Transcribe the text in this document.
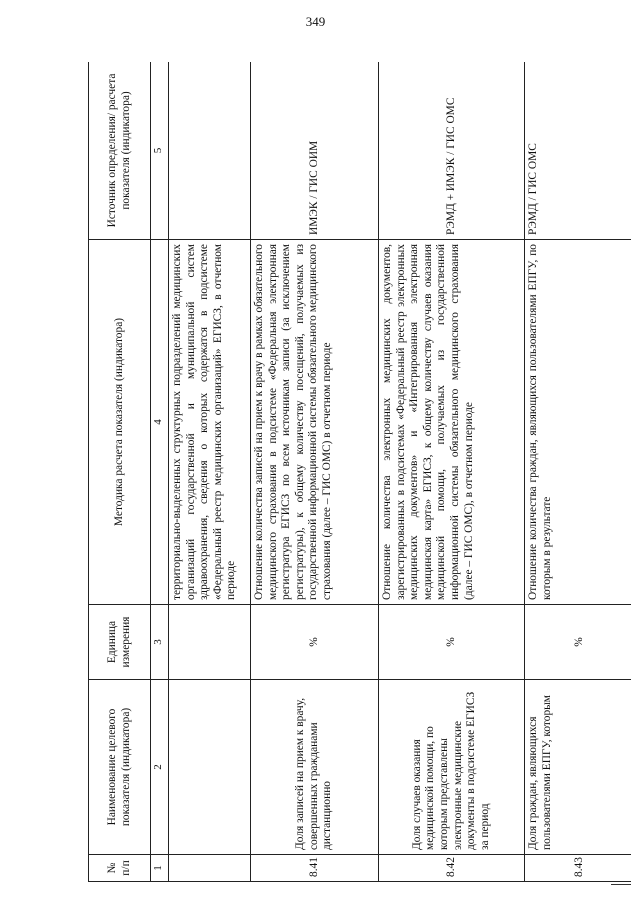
349
№ п/п	Наименование целевого показателя (индикатора)	Единица измерения	Методика расчета показателя (индикатора)	Источник определения/ расчета показателя (индикатора)
1	2	3	4	5
			территориально-выделенных структурных подразделений медицинских организаций государственной и муниципальной систем здравоохранения, сведения о которых содержатся в подсистеме «Федеральный реестр медицинских организаций» ЕГИСЗ, в отчетном периоде	
8.41	Доля записей на прием к врачу, совершенных гражданами дистанционно	%	Отношение количества записей на прием к врачу в рамках обязательного медицинского страхования в подсистеме «Федеральная электронная регистратура ЕГИСЗ по всем источникам записи (за исключением регистратуры), к общему количеству посещений, получаемых из государственной информационной системы обязательного медицинского страхования (далее – ГИС ОМС) в отчетном периоде	ИМЭК / ГИС ОИМ
8.42	Доля случаев оказания медицинской помощи, по которым представлены электронные медицинские документы в подсистеме ЕГИСЗ за период	%	Отношение количества электронных медицинских документов, зарегистрированных в подсистемах «Федеральный реестр электронных медицинских документов» и «Интегрированная электронная медицинская карта» ЕГИСЗ, к общему количеству случаев оказания медицинской помощи, получаемых из государственной информационной системы обязательного медицинского страхования (далее – ГИС ОМС), в отчетном периоде	РЭМД + ИМЭК / ГИС ОМС
8.43	Доля граждан, являющихся пользователями ЕПГУ, которым	%	Отношение количества граждан, являющихся пользователями ЕПГУ, по которым в результате	РЭМД / ГИС ОМС
